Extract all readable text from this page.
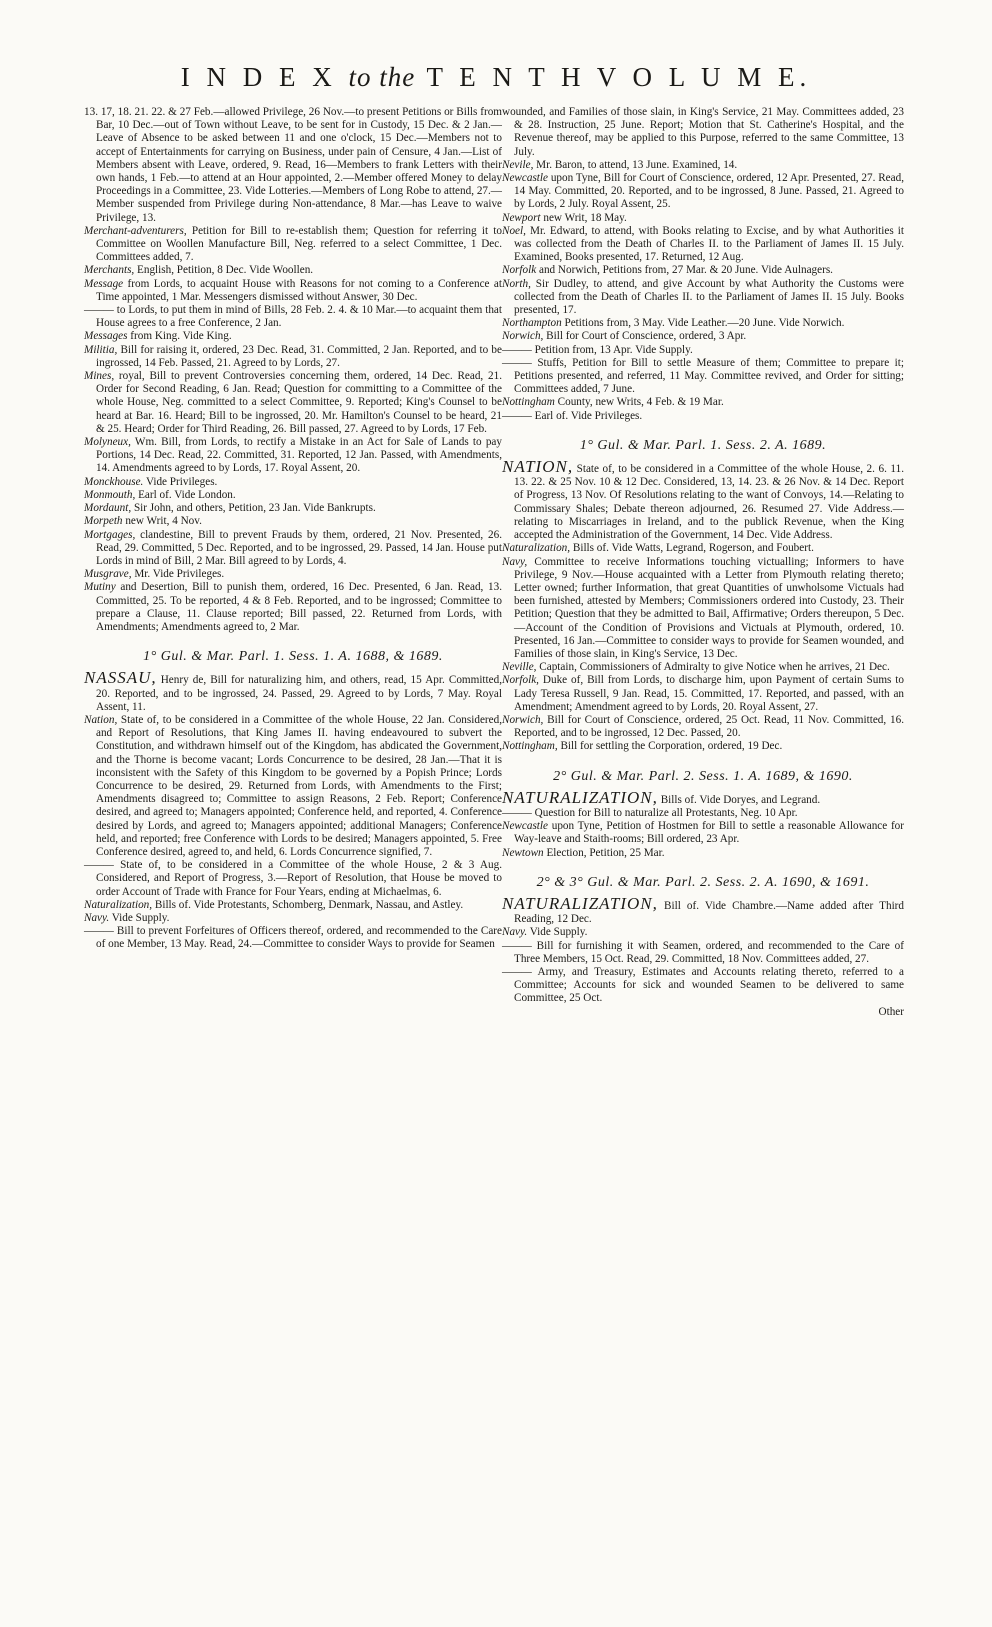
I N D E X to the T E N T H V O L U M E.

13. 17, 18. 21. 22. & 27 Feb.—allowed Privilege, 26 Nov.—to present Petitions or Bills from Bar, 10 Dec.—out of Town without Leave, to be sent for in Custody, 15 Dec. & 2 Jan.—Leave of Absence to be asked between 11 and one o'clock, 15 Dec.—Members not to accept of Entertainments for carrying on Business, under pain of Censure, 4 Jan.—List of Members absent with Leave, ordered, 9. Read, 16—Members to frank Letters with their own hands, 1 Feb.—to attend at an Hour appointed, 2.—Member offered Money to delay Proceedings in a Committee, 23. Vide Lotteries.—Members of Long Robe to attend, 27.—Member suspended from Privilege during Non-attendance, 8 Mar.—has Leave to waive Privilege, 13.

Merchant-adventurers, Petition for Bill to re-establish them; Question for referring it to Committee on Woollen Manufacture Bill, Neg. referred to a select Committee, 1 Dec. Committees added, 7.

Merchants, English, Petition, 8 Dec. Vide Woollen.

Message from Lords, to acquaint House with Reasons for not coming to a Conference at Time appointed, 1 Mar. Messengers dismissed without Answer, 30 Dec.

——— to Lords, to put them in mind of Bills, 28 Feb. 2. 4. & 10 Mar.—to acquaint them that House agrees to a free Conference, 2 Jan.

Messages from King. Vide King.

Militia, Bill for raising it, ordered, 23 Dec. Read, 31. Committed, 2 Jan. Reported, and to be ingrossed, 14 Feb. Passed, 21. Agreed to by Lords, 27.

Mines, royal, Bill to prevent Controversies concerning them, ordered, 14 Dec. Read, 21. Order for Second Reading, 6 Jan. Read; Question for committing to a Committee of the whole House, Neg. committed to a select Committee, 9. Reported; King's Counsel to be heard at Bar. 16. Heard; Bill to be ingrossed, 20. Mr. Hamilton's Counsel to be heard, 21 & 25. Heard; Order for Third Reading, 26. Bill passed, 27. Agreed to by Lords, 17 Feb.

Molyneux, Wm. Bill, from Lords, to rectify a Mistake in an Act for Sale of Lands to pay Portions, 14 Dec. Read, 22. Committed, 31. Reported, 12 Jan. Passed, with Amendments, 14. Amendments agreed to by Lords, 17. Royal Assent, 20.

Monckhouse. Vide Privileges.

Monmouth, Earl of. Vide London.

Mordaunt, Sir John, and others, Petition, 23 Jan. Vide Bankrupts.

Morpeth new Writ, 4 Nov.

Mortgages, clandestine, Bill to prevent Frauds by them, ordered, 21 Nov. Presented, 26. Read, 29. Committed, 5 Dec. Reported, and to be ingrossed, 29. Passed, 14 Jan. House put Lords in mind of Bill, 2 Mar. Bill agreed to by Lords, 4.

Musgrave, Mr. Vide Privileges.

Mutiny and Desertion, Bill to punish them, ordered, 16 Dec. Presented, 6 Jan. Read, 13. Committed, 25. To be reported, 4 & 8 Feb. Reported, and to be ingrossed; Committee to prepare a Clause, 11. Clause reported; Bill passed, 22. Returned from Lords, with Amendments; Amendments agreed to, 2 Mar.

1° Gul. & Mar. Parl. 1. Sess. 1. A. 1688, & 1689.

NASSAU, Henry de, Bill for naturalizing him, and others, read, 15 Apr. Committed, 20. Reported, and to be ingrossed, 24. Passed, 29. Agreed to by Lords, 7 May. Royal Assent, 11.

Nation, State of, to be considered in a Committee of the whole House, 22 Jan. Considered, and Report of Resolutions, that King James II. having endeavoured to subvert the Constitution, and withdrawn himself out of the Kingdom, has abdicated the Government, and the Thorne is become vacant; Lords Concurrence to be desired, 28 Jan.—That it is inconsistent with the Safety of this Kingdom to be governed by a Popish Prince; Lords Concurrence to be desired, 29. Returned from Lords, with Amendments to the First; Amendments disagreed to; Committee to assign Reasons, 2 Feb. Report; Conference desired, and agreed to; Managers appointed; Conference held, and reported, 4. Conference desired by Lords, and agreed to; Managers appointed; additional Managers; Conference held, and reported; free Conference with Lords to be desired; Managers appointed, 5. Free Conference desired, agreed to, and held, 6. Lords Concurrence signified, 7.

——— State of, to be considered in a Committee of the whole House, 2 & 3 Aug. Considered, and Report of Progress, 3.—Report of Resolution, that House be moved to order Account of Trade with France for Four Years, ending at Michaelmas, 6.

Naturalization, Bills of. Vide Protestants, Schomberg, Denmark, Nassau, and Astley.

Navy. Vide Supply.

——— Bill to prevent Forfeitures of Officers thereof, ordered, and recommended to the Care of one Member, 13 May. Read, 24.—Committee to consider Ways to provide for Seamen

wounded, and Families of those slain, in King's Service, 21 May. Committees added, 23 & 28. Instruction, 25 June. Report; Motion that St. Catherine's Hospital, and the Revenue thereof, may be applied to this Purpose, referred to the same Committee, 13 July.

Nevile, Mr. Baron, to attend, 13 June. Examined, 14.

Newcastle upon Tyne, Bill for Court of Conscience, ordered, 12 Apr. Presented, 27. Read, 14 May. Committed, 20. Reported, and to be ingrossed, 8 June. Passed, 21. Agreed to by Lords, 2 July. Royal Assent, 25.

Newport new Writ, 18 May.

Noel, Mr. Edward, to attend, with Books relating to Excise, and by what Authorities it was collected from the Death of Charles II. to the Parliament of James II. 15 July. Examined, Books presented, 17. Returned, 12 Aug.

Norfolk and Norwich, Petitions from, 27 Mar. & 20 June. Vide Aulnagers.

North, Sir Dudley, to attend, and give Account by what Authority the Customs were collected from the Death of Charles II. to the Parliament of James II. 15 July. Books presented, 17.

Northampton Petitions from, 3 May. Vide Leather.—20 June. Vide Norwich.

Norwich, Bill for Court of Conscience, ordered, 3 Apr.

——— Petition from, 13 Apr. Vide Supply.

——— Stuffs, Petition for Bill to settle Measure of them; Committee to prepare it; Petitions presented, and referred, 11 May. Committee revived, and Order for sitting; Committees added, 7 June.

Nottingham County, new Writs, 4 Feb. & 19 Mar.

——— Earl of. Vide Privileges.

1° Gul. & Mar. Parl. 1. Sess. 2. A. 1689.

NATION, State of, to be considered in a Committee of the whole House, 2. 6. 11. 13. 22. & 25 Nov. 10 & 12 Dec. Considered, 13, 14. 23. & 26 Nov. & 14 Dec. Report of Progress, 13 Nov. Of Resolutions relating to the want of Convoys, 14.—Relating to Commissary Shales; Debate thereon adjourned, 26. Resumed 27. Vide Address.—relating to Miscarriages in Ireland, and to the publick Revenue, when the King accepted the Administration of the Government, 14 Dec. Vide Address.

Naturalization, Bills of. Vide Watts, Legrand, Rogerson, and Foubert.

Navy, Committee to receive Informations touching victualling; Informers to have Privilege, 9 Nov.—House acquainted with a Letter from Plymouth relating thereto; Letter owned; further Information, that great Quantities of unwholsome Victuals had been furnished, attested by Members; Commissioners ordered into Custody, 23. Their Petition; Question that they be admitted to Bail, Affirmative; Orders thereupon, 5 Dec.—Account of the Condition of Provisions and Victuals at Plymouth, ordered, 10. Presented, 16 Jan.—Committee to consider ways to provide for Seamen wounded, and Families of those slain, in King's Service, 13 Dec.

Neville, Captain, Commissioners of Admiralty to give Notice when he arrives, 21 Dec.

Norfolk, Duke of, Bill from Lords, to discharge him, upon Payment of certain Sums to Lady Teresa Russell, 9 Jan. Read, 15. Committed, 17. Reported, and passed, with an Amendment; Amendment agreed to by Lords, 20. Royal Assent, 27.

Norwich, Bill for Court of Conscience, ordered, 25 Oct. Read, 11 Nov. Committed, 16. Reported, and to be ingrossed, 12 Dec. Passed, 20.

Nottingham, Bill for settling the Corporation, ordered, 19 Dec.

2° Gul. & Mar. Parl. 2. Sess. 1. A. 1689, & 1690.

NATURALIZATION, Bills of. Vide Doryes, and Legrand.

——— Question for Bill to naturalize all Protestants, Neg. 10 Apr.

Newcastle upon Tyne, Petition of Hostmen for Bill to settle a reasonable Allowance for Way-leave and Staith-rooms; Bill ordered, 23 Apr.

Newtown Election, Petition, 25 Mar.

2° & 3° Gul. & Mar. Parl. 2. Sess. 2. A. 1690, & 1691.

NATURALIZATION, Bill of. Vide Chambre.—Name added after Third Reading, 12 Dec.

Navy. Vide Supply.

——— Bill for furnishing it with Seamen, ordered, and recommended to the Care of Three Members, 15 Oct. Read, 29. Committed, 18 Nov. Committees added, 27.

——— Army, and Treasury, Estimates and Accounts relating thereto, referred to a Committee; Accounts for sick and wounded Seamen to be delivered to same Committee, 25 Oct.

Other
